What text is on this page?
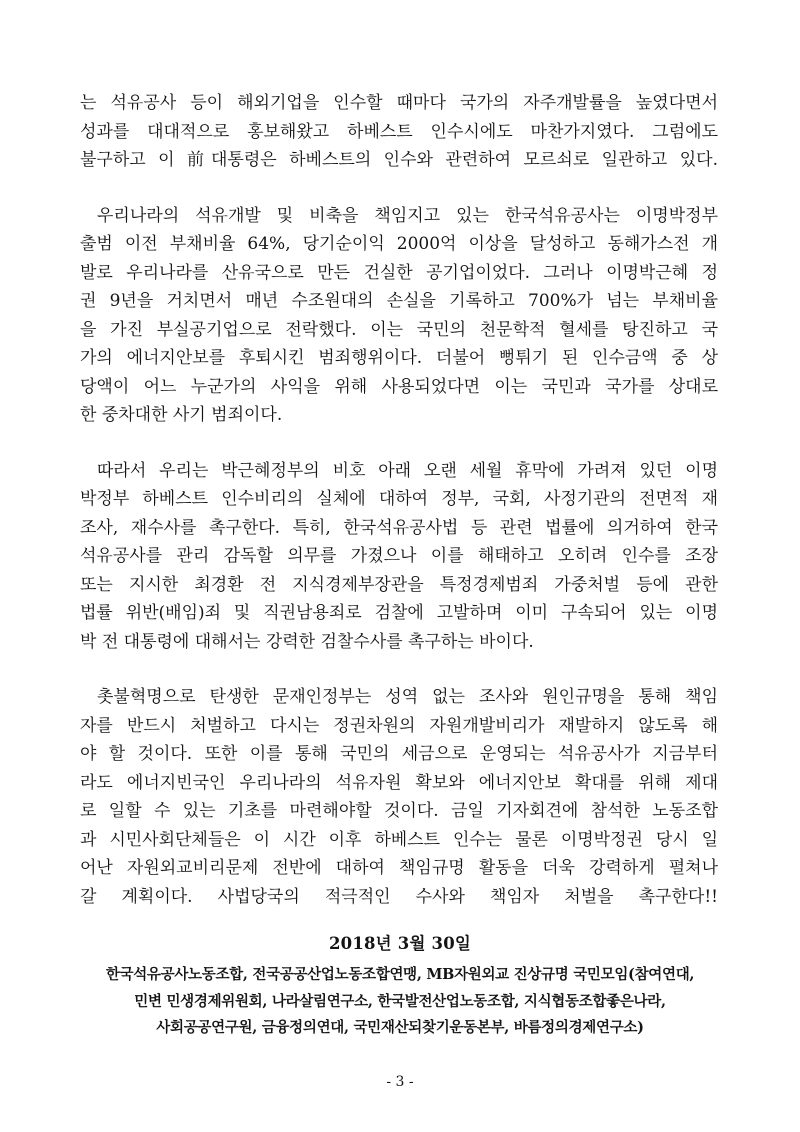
는 석유공사 등이 해외기업을 인수할 때마다 국가의 자주개발률을 높였다면서
성과를 대대적으로 홍보해왔고 하베스트 인수시에도 마찬가지였다. 그럼에도
불구하고 이 前대통령은 하베스트의 인수와 관련하여 모르쇠로 일관하고 있다.
우리나라의 석유개발 및 비축을 책임지고 있는 한국석유공사는 이명박정부
출범 이전 부채비율 64%, 당기순이익 2000억 이상을 달성하고 동해가스전 개
발로 우리나라를 산유국으로 만든 건실한 공기업이었다. 그러나 이명박근혜 정
권 9년을 거치면서 매년 수조원대의 손실을 기록하고 700%가 넘는 부채비율
을 가진 부실공기업으로 전락했다. 이는 국민의 천문학적 혈세를 탕진하고 국
가의 에너지안보를 후퇴시킨 범죄행위이다. 더불어 뻥튀기 된 인수금액 중 상
당액이 어느 누군가의 사익을 위해 사용되었다면 이는 국민과 국가를 상대로
한 중차대한 사기 범죄이다.
따라서 우리는 박근혜정부의 비호 아래 오랜 세월 휴막에 가려져 있던 이명
박정부 하베스트 인수비리의 실체에 대하여 정부, 국회, 사정기관의 전면적 재
조사, 재수사를 촉구한다. 특히, 한국석유공사법 등 관련 법률에 의거하여 한국
석유공사를 관리 감독할 의무를 가졌으나 이를 해태하고 오히려 인수를 조장
또는 지시한 최경환 전 지식경제부장관을 특정경제범죄 가중처벌 등에 관한
법률 위반(배임)죄 및 직권남용죄로 검찰에 고발하며 이미 구속되어 있는 이명
박 전 대통령에 대해서는 강력한 검찰수사를 촉구하는 바이다.
촛불혁명으로 탄생한 문재인정부는 성역 없는 조사와 원인규명을 통해 책임
자를 반드시 처벌하고 다시는 정권차원의 자원개발비리가 재발하지 않도록 해
야 할 것이다. 또한 이를 통해 국민의 세금으로 운영되는 석유공사가 지금부터
라도 에너지빈국인 우리나라의 석유자원 확보와 에너지안보 확대를 위해 제대
로 일할 수 있는 기초를 마련해야할 것이다. 금일 기자회견에 참석한 노동조합
과 시민사회단체들은 이 시간 이후 하베스트 인수는 물론 이명박정권 당시 일
어난 자원외교비리문제 전반에 대하여 책임규명 활동을 더욱 강력하게 펼쳐나
갈 계획이다. 사법당국의 적극적인 수사와 책임자 처벌을 촉구한다!!
2018년 3월 30일
한국석유공사노동조합, 전국공공산업노동조합연맹, MB자원외교 진상규명 국민모임(참여연대,
민변 민생경제위원회, 나라살림연구소, 한국발전산업노동조합, 지식협동조합좋은나라,
사회공공연구원, 금융정의연대, 국민재산되찾기운동본부, 바름정의경제연구소)
- 3 -
